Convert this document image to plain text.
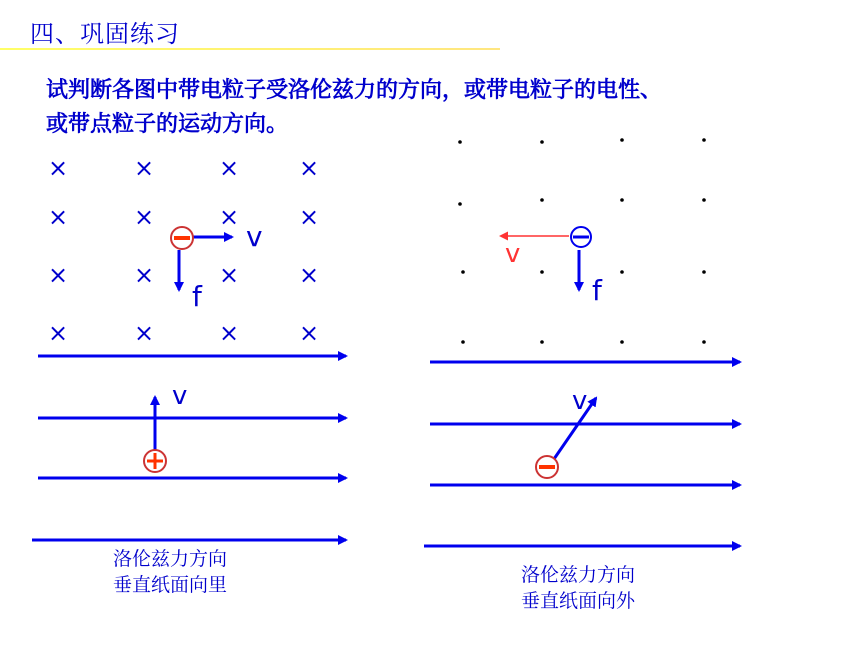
四、巩固练习
试判断各图中带电粒子受洛伦兹力的方向，或带电粒子的电性、
或带点粒子的运动方向。
×
×
×
×
×
×
×
×
×
×
×
×
×
×
×
×
v
f
v
f
v	v
洛伦兹力方向
垂直纸面向里	洛伦兹力方向
垂直纸面向外
